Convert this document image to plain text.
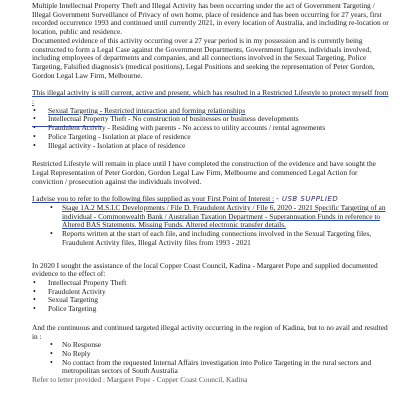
Multiple Intellectual Property Theft and Illegal Activity has been occurring under the act of Government Targeting / Illegal Government Surveillance of Privacy of own home, place of residence and has been occurring for 27 years, first recorded occurrence 1993 and continued until currently 2021, in every location of Australia, and including re-location or location, public and residence.

Documented evidence of this activity occurring over a 27 year period is in my possession and is currently being constructed to form a Legal Case against the Government Departments, Government figures, individuals involved, including employees of departments and companies, and all connections involved in the Sexual Targeting, Police Targeting, Falsified diagnosis's (medical positions), Legal Positions and seeking the representation of Peter Gordon, Gordon Legal Law Firm, Melbourne.

This illegal activity is still current, active and present, which has resulted in a Restricted Lifestyle to protect myself from :

• Sexual Targeting - Restricted interaction and forming relationships
• Intellectual Property Theft - No construction of businesses or business developments
• Fraudulent Activity - Residing with parents - No access to utility accounts / rental agreements
• Police Targeting - Isolation at place of residence
• Illegal activity - Isolation at place of residence

Restricted Lifestyle will remain in place until I have completed the construction of the evidence and have sought the Legal Representation of Peter Gordon, Gordon Legal Law Firm, Melbourne and commenced Legal Action for conviction / prosecution against the individuals involved.

I advise you to refer to the following files supplied as your First Point of Interest : - USB SUPPLIED

• Stage 1A.2 M.S.I.C Developments / File D. Fraudulent Activity / File 6, 2020 - 2021 Specific Targeting of an individual - Commonwealth Bank / Australian Taxation Department - Superannuation Funds in reference to Altered BAS Statements. Missing Funds. Altered electronic transfer details.
• Reports written at the start of each file, and including connections involved in the Sexual Targeting files, Fraudulent Activity files, Illegal Activity files from 1993 - 2021

In 2020 I sought the assistance of the local Copper Coast Council, Kadina - Margaret Pope and supplied documented evidence to the effect of:

• Intellectual Property Theft
• Fraudulent Activity
• Sexual Targeting
• Police Targeting

And the continuous and continued targeted illegal activity occurring in the region of Kadina, but to no avail and resulted in :

• No Response
• No Reply
• No contact from the requested Internal Affairs investigation into Police Targeting in the rural sectors and metropolitan sectors of South Australia

Refer to letter provided : Margaret Pope - Copper Coast Council, Kadina
